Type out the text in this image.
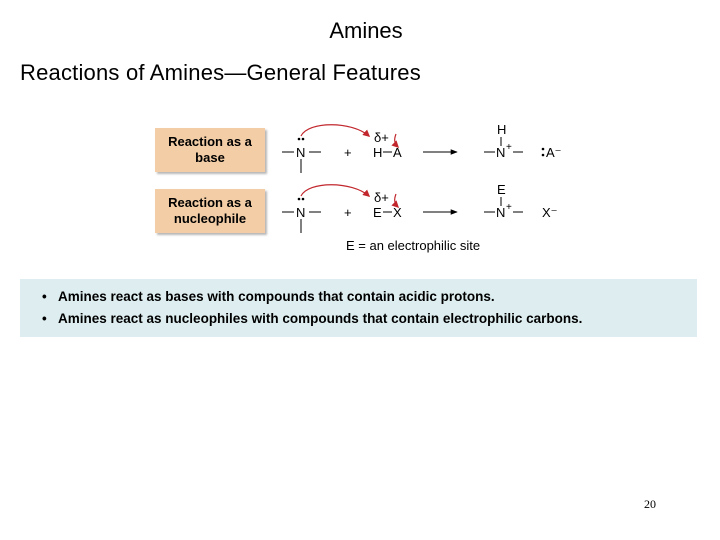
Amines
Reactions of Amines—General Features
Reaction as a
base
Reaction as a
nucleophile
N	+
δ+
H A
H
N +	A⁻
N	+
δ+
E X
E
N + X⁻
E = an electrophilic site
• Amines react as bases with compounds that contain acidic protons.
• Amines react as nucleophiles with compounds that contain electrophilic carbons.
20
